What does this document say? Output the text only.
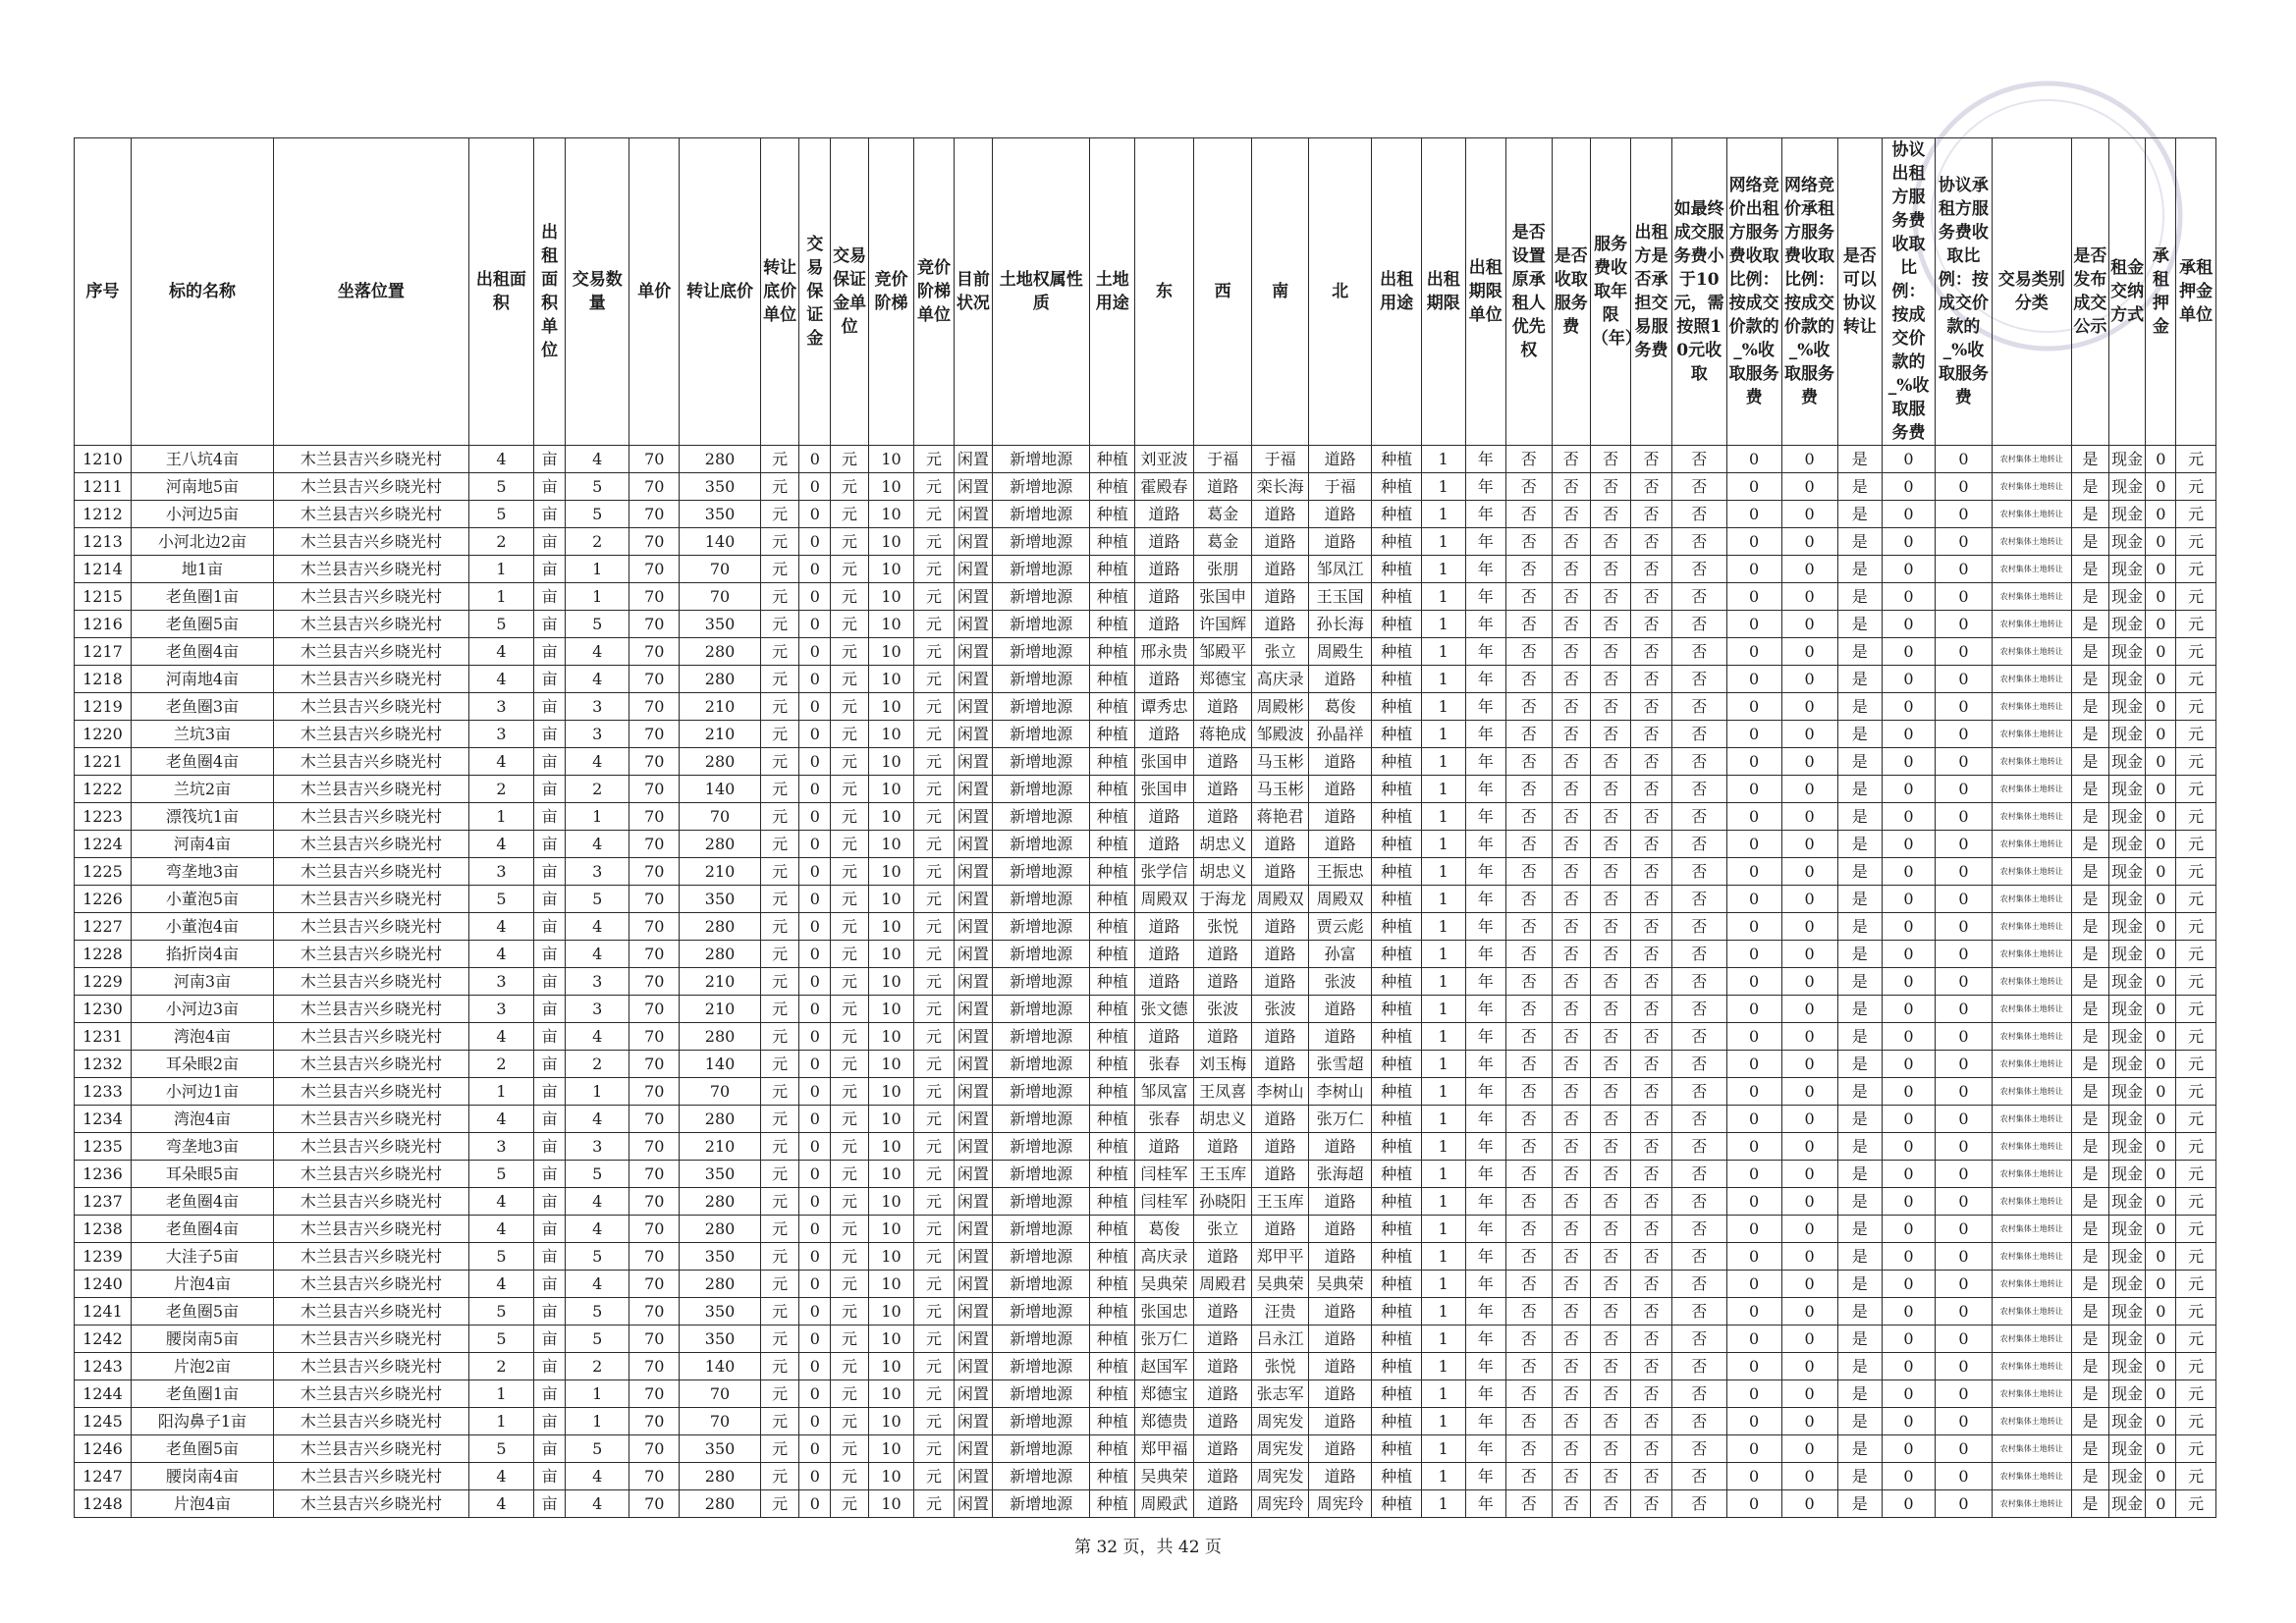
序号	标的名称	坐落位置	出租面积	出租面积单位	交易数量	单价	转让底价	转让底价单位	交易保证金	交易保证金单位	竞价阶梯	竞价阶梯单位	目前状况	土地权属性质	土地用途	东	西	南	北	出租用途	出租期限	出租期限单位	是否设置原承租人优先权	是否收取服务费	服务费收取年限（年）	出租方是否承担交易服务费	如最终成交服务费小于10元，需按照10元收取	网络竞价出租方服务费收取比例：按成交价款的_%收取服务费	网络竞价承租方服务费收取比例：按成交价款的_%收取服务费	是否可以协议转让	协议出租方服务费收取比例：按成交价款的_%收取服务费	协议承租方服务费收取比例：按成交价款的_%收取服务费	交易类别分类	是否发布成交公示	租金交纳方式	承租押金	承租押金单位
1210	王八坑4亩	木兰县吉兴乡晓光村	4	亩	4	70	280	元	0	元	10	元	闲置	新增地源	种植	刘亚波	于福	于福	道路	种植	1	年	否	否	否	否	否	0	0	是	0	0	农村集体土地转让	是	现金	0	元
1211	河南地5亩	木兰县吉兴乡晓光村	5	亩	5	70	350	元	0	元	10	元	闲置	新增地源	种植	霍殿春	道路	栾长海	于福	种植	1	年	否	否	否	否	否	0	0	是	0	0	农村集体土地转让	是	现金	0	元
1212	小河边5亩	木兰县吉兴乡晓光村	5	亩	5	70	350	元	0	元	10	元	闲置	新增地源	种植	道路	葛金	道路	道路	种植	1	年	否	否	否	否	否	0	0	是	0	0	农村集体土地转让	是	现金	0	元
1213	小河北边2亩	木兰县吉兴乡晓光村	2	亩	2	70	140	元	0	元	10	元	闲置	新增地源	种植	道路	葛金	道路	道路	种植	1	年	否	否	否	否	否	0	0	是	0	0	农村集体土地转让	是	现金	0	元
1214	地1亩	木兰县吉兴乡晓光村	1	亩	1	70	70	元	0	元	10	元	闲置	新增地源	种植	道路	张朋	道路	邹凤江	种植	1	年	否	否	否	否	否	0	0	是	0	0	农村集体土地转让	是	现金	0	元
1215	老鱼圈1亩	木兰县吉兴乡晓光村	1	亩	1	70	70	元	0	元	10	元	闲置	新增地源	种植	道路	张国申	道路	王玉国	种植	1	年	否	否	否	否	否	0	0	是	0	0	农村集体土地转让	是	现金	0	元
1216	老鱼圈5亩	木兰县吉兴乡晓光村	5	亩	5	70	350	元	0	元	10	元	闲置	新增地源	种植	道路	许国辉	道路	孙长海	种植	1	年	否	否	否	否	否	0	0	是	0	0	农村集体土地转让	是	现金	0	元
1217	老鱼圈4亩	木兰县吉兴乡晓光村	4	亩	4	70	280	元	0	元	10	元	闲置	新增地源	种植	邢永贵	邹殿平	张立	周殿生	种植	1	年	否	否	否	否	否	0	0	是	0	0	农村集体土地转让	是	现金	0	元
1218	河南地4亩	木兰县吉兴乡晓光村	4	亩	4	70	280	元	0	元	10	元	闲置	新增地源	种植	道路	郑德宝	高庆录	道路	种植	1	年	否	否	否	否	否	0	0	是	0	0	农村集体土地转让	是	现金	0	元
1219	老鱼圈3亩	木兰县吉兴乡晓光村	3	亩	3	70	210	元	0	元	10	元	闲置	新增地源	种植	谭秀忠	道路	周殿彬	葛俊	种植	1	年	否	否	否	否	否	0	0	是	0	0	农村集体土地转让	是	现金	0	元
1220	兰坑3亩	木兰县吉兴乡晓光村	3	亩	3	70	210	元	0	元	10	元	闲置	新增地源	种植	道路	蒋艳成	邹殿波	孙晶祥	种植	1	年	否	否	否	否	否	0	0	是	0	0	农村集体土地转让	是	现金	0	元
1221	老鱼圈4亩	木兰县吉兴乡晓光村	4	亩	4	70	280	元	0	元	10	元	闲置	新增地源	种植	张国申	道路	马玉彬	道路	种植	1	年	否	否	否	否	否	0	0	是	0	0	农村集体土地转让	是	现金	0	元
1222	兰坑2亩	木兰县吉兴乡晓光村	2	亩	2	70	140	元	0	元	10	元	闲置	新增地源	种植	张国申	道路	马玉彬	道路	种植	1	年	否	否	否	否	否	0	0	是	0	0	农村集体土地转让	是	现金	0	元
1223	漂筏坑1亩	木兰县吉兴乡晓光村	1	亩	1	70	70	元	0	元	10	元	闲置	新增地源	种植	道路	道路	蒋艳君	道路	种植	1	年	否	否	否	否	否	0	0	是	0	0	农村集体土地转让	是	现金	0	元
1224	河南4亩	木兰县吉兴乡晓光村	4	亩	4	70	280	元	0	元	10	元	闲置	新增地源	种植	道路	胡忠义	道路	道路	种植	1	年	否	否	否	否	否	0	0	是	0	0	农村集体土地转让	是	现金	0	元
1225	弯垄地3亩	木兰县吉兴乡晓光村	3	亩	3	70	210	元	0	元	10	元	闲置	新增地源	种植	张学信	胡忠义	道路	王振忠	种植	1	年	否	否	否	否	否	0	0	是	0	0	农村集体土地转让	是	现金	0	元
1226	小董泡5亩	木兰县吉兴乡晓光村	5	亩	5	70	350	元	0	元	10	元	闲置	新增地源	种植	周殿双	于海龙	周殿双	周殿双	种植	1	年	否	否	否	否	否	0	0	是	0	0	农村集体土地转让	是	现金	0	元
1227	小董泡4亩	木兰县吉兴乡晓光村	4	亩	4	70	280	元	0	元	10	元	闲置	新增地源	种植	道路	张悦	道路	贾云彪	种植	1	年	否	否	否	否	否	0	0	是	0	0	农村集体土地转让	是	现金	0	元
1228	掐折岗4亩	木兰县吉兴乡晓光村	4	亩	4	70	280	元	0	元	10	元	闲置	新增地源	种植	道路	道路	道路	孙富	种植	1	年	否	否	否	否	否	0	0	是	0	0	农村集体土地转让	是	现金	0	元
1229	河南3亩	木兰县吉兴乡晓光村	3	亩	3	70	210	元	0	元	10	元	闲置	新增地源	种植	道路	道路	道路	张波	种植	1	年	否	否	否	否	否	0	0	是	0	0	农村集体土地转让	是	现金	0	元
1230	小河边3亩	木兰县吉兴乡晓光村	3	亩	3	70	210	元	0	元	10	元	闲置	新增地源	种植	张文德	张波	张波	道路	种植	1	年	否	否	否	否	否	0	0	是	0	0	农村集体土地转让	是	现金	0	元
1231	湾泡4亩	木兰县吉兴乡晓光村	4	亩	4	70	280	元	0	元	10	元	闲置	新增地源	种植	道路	道路	道路	道路	种植	1	年	否	否	否	否	否	0	0	是	0	0	农村集体土地转让	是	现金	0	元
1232	耳朵眼2亩	木兰县吉兴乡晓光村	2	亩	2	70	140	元	0	元	10	元	闲置	新增地源	种植	张春	刘玉梅	道路	张雪超	种植	1	年	否	否	否	否	否	0	0	是	0	0	农村集体土地转让	是	现金	0	元
1233	小河边1亩	木兰县吉兴乡晓光村	1	亩	1	70	70	元	0	元	10	元	闲置	新增地源	种植	邹凤富	王凤喜	李树山	李树山	种植	1	年	否	否	否	否	否	0	0	是	0	0	农村集体土地转让	是	现金	0	元
1234	湾泡4亩	木兰县吉兴乡晓光村	4	亩	4	70	280	元	0	元	10	元	闲置	新增地源	种植	张春	胡忠义	道路	张万仁	种植	1	年	否	否	否	否	否	0	0	是	0	0	农村集体土地转让	是	现金	0	元
1235	弯垄地3亩	木兰县吉兴乡晓光村	3	亩	3	70	210	元	0	元	10	元	闲置	新增地源	种植	道路	道路	道路	道路	种植	1	年	否	否	否	否	否	0	0	是	0	0	农村集体土地转让	是	现金	0	元
1236	耳朵眼5亩	木兰县吉兴乡晓光村	5	亩	5	70	350	元	0	元	10	元	闲置	新增地源	种植	闫桂军	王玉库	道路	张海超	种植	1	年	否	否	否	否	否	0	0	是	0	0	农村集体土地转让	是	现金	0	元
1237	老鱼圈4亩	木兰县吉兴乡晓光村	4	亩	4	70	280	元	0	元	10	元	闲置	新增地源	种植	闫桂军	孙晓阳	王玉库	道路	种植	1	年	否	否	否	否	否	0	0	是	0	0	农村集体土地转让	是	现金	0	元
1238	老鱼圈4亩	木兰县吉兴乡晓光村	4	亩	4	70	280	元	0	元	10	元	闲置	新增地源	种植	葛俊	张立	道路	道路	种植	1	年	否	否	否	否	否	0	0	是	0	0	农村集体土地转让	是	现金	0	元
1239	大洼子5亩	木兰县吉兴乡晓光村	5	亩	5	70	350	元	0	元	10	元	闲置	新增地源	种植	高庆录	道路	郑甲平	道路	种植	1	年	否	否	否	否	否	0	0	是	0	0	农村集体土地转让	是	现金	0	元
1240	片泡4亩	木兰县吉兴乡晓光村	4	亩	4	70	280	元	0	元	10	元	闲置	新增地源	种植	吴典荣	周殿君	吴典荣	吴典荣	种植	1	年	否	否	否	否	否	0	0	是	0	0	农村集体土地转让	是	现金	0	元
1241	老鱼圈5亩	木兰县吉兴乡晓光村	5	亩	5	70	350	元	0	元	10	元	闲置	新增地源	种植	张国忠	道路	汪贵	道路	种植	1	年	否	否	否	否	否	0	0	是	0	0	农村集体土地转让	是	现金	0	元
1242	腰岗南5亩	木兰县吉兴乡晓光村	5	亩	5	70	350	元	0	元	10	元	闲置	新增地源	种植	张万仁	道路	吕永江	道路	种植	1	年	否	否	否	否	否	0	0	是	0	0	农村集体土地转让	是	现金	0	元
1243	片泡2亩	木兰县吉兴乡晓光村	2	亩	2	70	140	元	0	元	10	元	闲置	新增地源	种植	赵国军	道路	张悦	道路	种植	1	年	否	否	否	否	否	0	0	是	0	0	农村集体土地转让	是	现金	0	元
1244	老鱼圈1亩	木兰县吉兴乡晓光村	1	亩	1	70	70	元	0	元	10	元	闲置	新增地源	种植	郑德宝	道路	张志军	道路	种植	1	年	否	否	否	否	否	0	0	是	0	0	农村集体土地转让	是	现金	0	元
1245	阳沟鼻子1亩	木兰县吉兴乡晓光村	1	亩	1	70	70	元	0	元	10	元	闲置	新增地源	种植	郑德贵	道路	周宪发	道路	种植	1	年	否	否	否	否	否	0	0	是	0	0	农村集体土地转让	是	现金	0	元
1246	老鱼圈5亩	木兰县吉兴乡晓光村	5	亩	5	70	350	元	0	元	10	元	闲置	新增地源	种植	郑甲福	道路	周宪发	道路	种植	1	年	否	否	否	否	否	0	0	是	0	0	农村集体土地转让	是	现金	0	元
1247	腰岗南4亩	木兰县吉兴乡晓光村	4	亩	4	70	280	元	0	元	10	元	闲置	新增地源	种植	吴典荣	道路	周宪发	道路	种植	1	年	否	否	否	否	否	0	0	是	0	0	农村集体土地转让	是	现金	0	元
1248	片泡4亩	木兰县吉兴乡晓光村	4	亩	4	70	280	元	0	元	10	元	闲置	新增地源	种植	周殿武	道路	周宪玲	周宪玲	种植	1	年	否	否	否	否	否	0	0	是	0	0	农村集体土地转让	是	现金	0	元
第 32 页，共 42 页
